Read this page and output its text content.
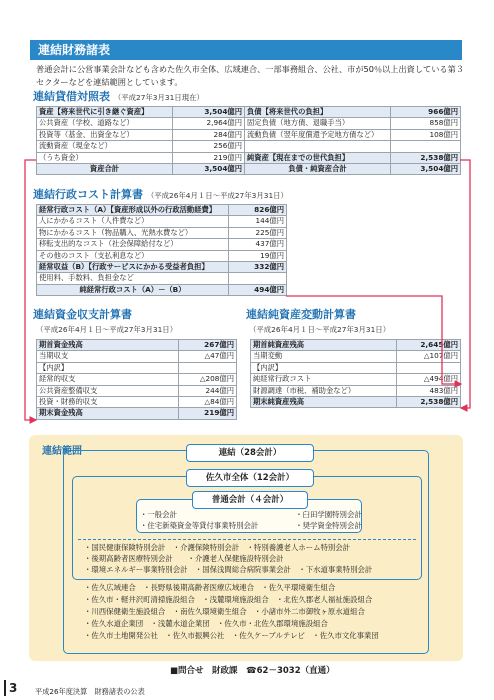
連結財務諸表
普通会計に公営事業会計なども含めた佐久市全体、広域連合、一部事務組合、公社、市が50％以上出資している第３セクターなどを連結範囲としています。
連結貸借対照表 （平成27年3月31日現在）
資産【将来世代に引き継ぐ資産】	3,504億円	負債【将来世代の負担】	966億円
公共資産（学校、道路など）	2,964億円	固定負債（地方債、退職手当）	858億円
投資等（基金、出資金など）	284億円	流動負債（翌年度償還予定地方債など）	108億円
流動資産（現金など）	256億円		
（うち資金）	219億円	純資産【現在までの世代負担】	2,538億円
資産合計	3,504億円	負債・純資産合計	3,504億円
連結行政コスト計算書 （平成26年4月１日〜平成27年3月31日）
経常行政コスト（A）【資産形成以外の行政活動経費】	826億円
人にかかるコスト（人件費など）	144億円
物にかかるコスト（物品購入、光熱水費など）	225億円
移転支出的なコスト（社会保障給付など）	437億円
その他のコスト（支払利息など）	19億円
経常収益（B）【行政サービスにかかる受益者負担】	332億円
使用料、手数料、負担金など	
純経常行政コスト（A）－（B）	494億円
連結資金収支計算書
（平成26年4月１日〜平成27年3月31日）
期首資金残高	267億円
当期収支	△47億円
【内訳】	
経常的収支	△208億円
公共資産整備収支	244億円
投資・財務的収支	△84億円
期末資金残高	219億円
連結純資産変動計算書
（平成26年4月１日〜平成27年3月31日）
期首純資産残高	2,645億円
当期変動	△107億円
【内訳】	
純経常行政コスト	△494億円
財源調達（市税、補助金など）	483億円
期末純資産残高	2,538億円
連結範囲	連結（28会計）
佐久市全体（12会計）
普通会計（４会計）
・一般会計　　　　　　　　　　　　　　　　・臼田学園特別会計
・住宅新築資金等貸付事業特別会計　　　　　・奨学資金特別会計
・国民健康保険特別会計　・介護保険特別会計　・特別養護老人ホーム特別会計
・後期高齢者医療特別会計　　・介護老人保健施設特別会計
・環境エネルギー事業特別会計　・国保浅間総合病院事業会計　・下水道事業特別会計
・佐久広域連合　・長野県後期高齢者医療広域連合　・佐久平環境衛生組合
・佐久市・軽井沢町清掃施設組合　・浅麓環境施設組合　・北佐久郡老人福祉施設組合
・川西保健衛生施設組合　・南佐久環境衛生組合　・小諸市外二市御牧ヶ原水道組合
・佐久水道企業団　・浅麓水道企業団　・佐久市・北佐久郡環境施設組合
・佐久市土地開発公社　・佐久市振興公社　・佐久ケーブルテレビ　・佐久市文化事業団
■問合せ　財政課　☎62－3032（直通）
3 平成26年度決算　財務諸表の公表
